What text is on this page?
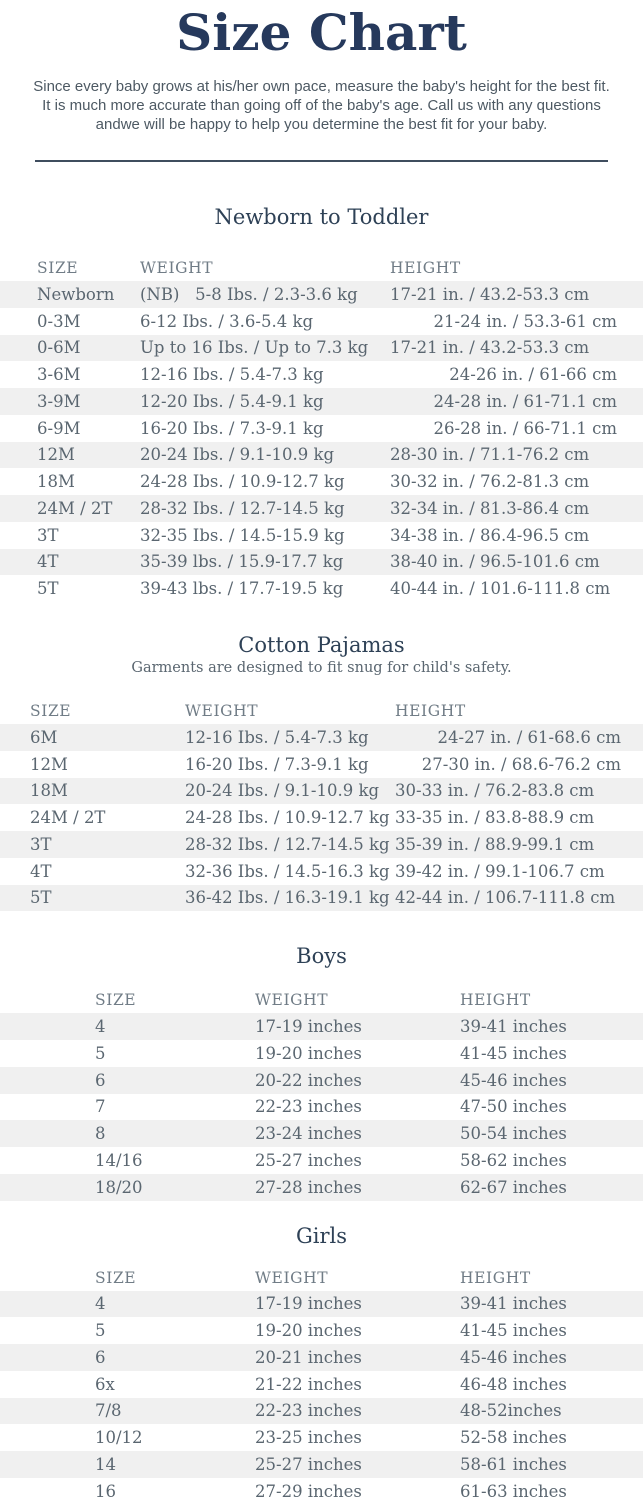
Size Chart

Since every baby grows at his/her own pace, measure the baby's height for the best fit.
It is much more accurate than going off of the baby's age. Call us with any questions
andwe will be happy to help you determine the best fit for your baby.

Newborn to Toddler
SIZE	WEIGHT	HEIGHT
Newborn	(NB)   5-8 Ibs. / 2.3-3.6 kg	17-21 in. / 43.2-53.3 cm
0-3M	6-12 Ibs. / 3.6-5.4 kg	21-24 in. / 53.3-61 cm
0-6M	Up to 16 Ibs. / Up to 7.3 kg	17-21 in. / 43.2-53.3 cm
3-6M	12-16 Ibs. / 5.4-7.3 kg	24-26 in. / 61-66 cm
3-9M	12-20 Ibs. / 5.4-9.1 kg	24-28 in. / 61-71.1 cm
6-9M	16-20 Ibs. / 7.3-9.1 kg	26-28 in. / 66-71.1 cm
12M	20-24 Ibs. / 9.1-10.9 kg	28-30 in. / 71.1-76.2 cm
18M	24-28 Ibs. / 10.9-12.7 kg	30-32 in. / 76.2-81.3 cm
24M / 2T	28-32 Ibs. / 12.7-14.5 kg	32-34 in. / 81.3-86.4 cm
3T	32-35 Ibs. / 14.5-15.9 kg	34-38 in. / 86.4-96.5 cm
4T	35-39 lbs. / 15.9-17.7 kg	38-40 in. / 96.5-101.6 cm
5T	39-43 lbs. / 17.7-19.5 kg	40-44 in. / 101.6-111.8 cm
Cotton Pajamas
Garments are designed to fit snug for child's safety.
SIZE	WEIGHT	HEIGHT
6M	12-16 Ibs. / 5.4-7.3 kg	24-27 in. / 61-68.6 cm
12M	16-20 Ibs. / 7.3-9.1 kg	27-30 in. / 68.6-76.2 cm
18M	20-24 Ibs. / 9.1-10.9 kg 30-33 in. / 76.2-83.8 cm
24M / 2T	24-28 Ibs. / 10.9-12.7 kg 33-35 in. / 83.8-88.9 cm
3T	28-32 Ibs. / 12.7-14.5 kg 35-39 in. / 88.9-99.1 cm
4T	32-36 Ibs. / 14.5-16.3 kg 39-42 in. / 99.1-106.7 cm
5T	36-42 Ibs. / 16.3-19.1 kg 42-44 in. / 106.7-111.8 cm
Boys
SIZE	WEIGHT	HEIGHT
4	17-19 inches	39-41 inches
5	19-20 inches	41-45 inches
6	20-22 inches	45-46 inches
7	22-23 inches	47-50 inches
8	23-24 inches	50-54 inches
14/16	25-27 inches	58-62 inches
18/20	27-28 inches	62-67 inches
Girls
SIZE	WEIGHT	HEIGHT
4	17-19 inches	39-41 inches
5	19-20 inches	41-45 inches
6	20-21 inches	45-46 inches
6x	21-22 inches	46-48 inches
7/8	22-23 inches	48-52inches
10/12	23-25 inches	52-58 inches
14	25-27 inches	58-61 inches
16	27-29 inches	61-63 inches
